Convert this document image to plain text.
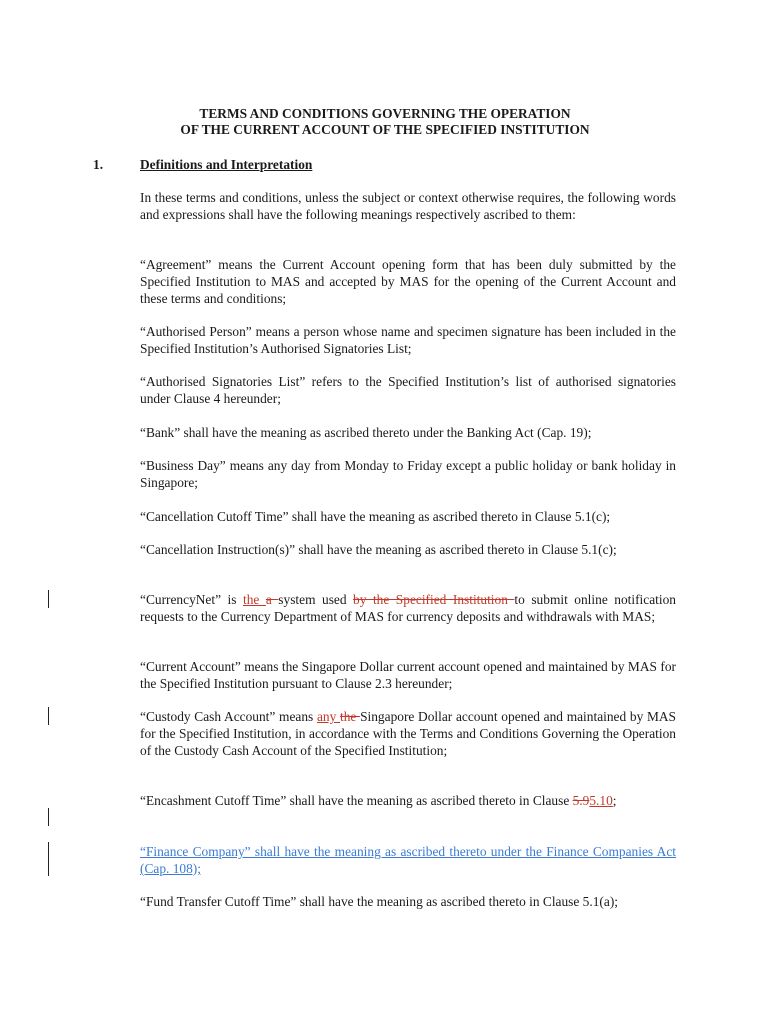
TERMS AND CONDITIONS GOVERNING THE OPERATION
OF THE CURRENT ACCOUNT OF THE SPECIFIED INSTITUTION
1.	Definitions and Interpretation

In these terms and conditions, unless the subject or context otherwise requires, the following words and expressions shall have the following meanings respectively ascribed to them:

“Agreement” means the Current Account opening form that has been duly submitted by the Specified Institution to MAS and accepted by MAS for the opening of the Current Account and these terms and conditions;

“Authorised Person” means a person whose name and specimen signature has been included in the Specified Institution’s Authorised Signatories List;

“Authorised Signatories List” refers to the Specified Institution’s list of authorised signatories under Clause 4 hereunder;

“Bank” shall have the meaning as ascribed thereto under the Banking Act (Cap. 19);

“Business Day” means any day from Monday to Friday except a public holiday or bank holiday in Singapore;

“Cancellation Cutoff Time” shall have the meaning as ascribed thereto in Clause 5.1(c);

“Cancellation Instruction(s)” shall have the meaning as ascribed thereto in Clause 5.1(c);

“CurrencyNet” is the a system used by the Specified Institution to submit online notification requests to the Currency Department of MAS for currency deposits and withdrawals with MAS;

“Current Account” means the Singapore Dollar current account opened and maintained by MAS for the Specified Institution pursuant to Clause 2.3 hereunder;

“Custody Cash Account” means any the Singapore Dollar account opened and maintained by MAS for the Specified Institution, in accordance with the Terms and Conditions Governing the Operation of the Custody Cash Account of the Specified Institution;

“Encashment Cutoff Time” shall have the meaning as ascribed thereto in Clause 5.95.10;

“Finance Company” shall have the meaning as ascribed thereto under the Finance Companies Act (Cap. 108);

“Fund Transfer Cutoff Time” shall have the meaning as ascribed thereto in Clause 5.1(a);
